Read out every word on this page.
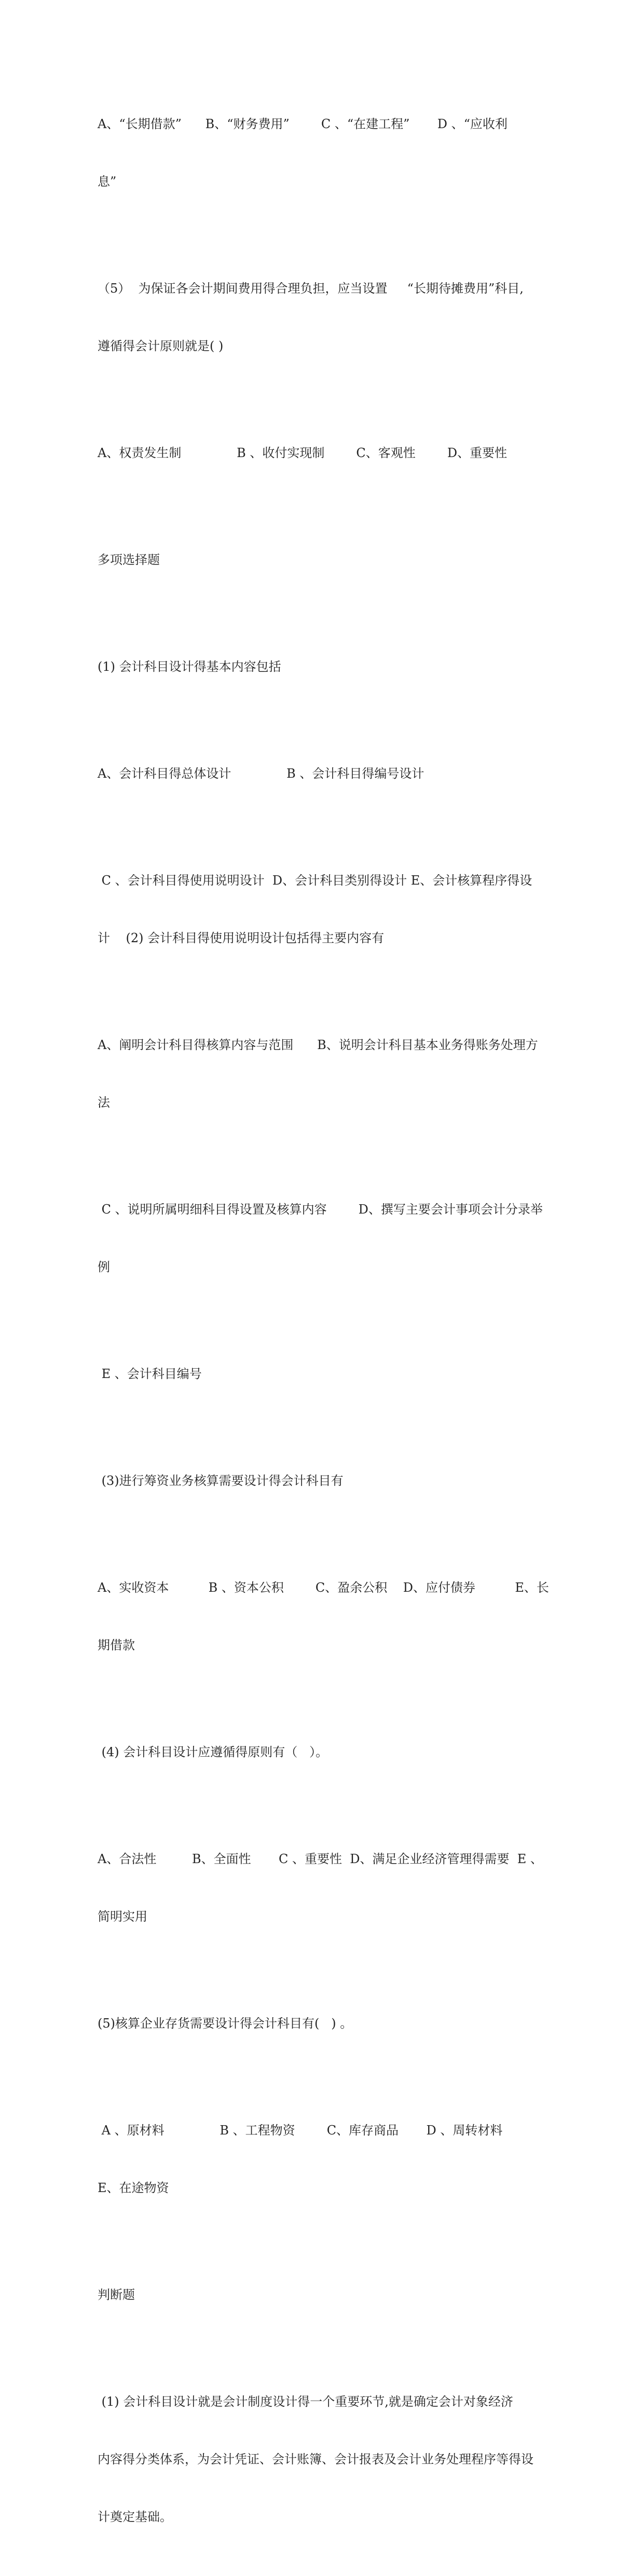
A、“长期借款”      B、“财务费用”        C 、“在建工程”       D 、“应收利

息”

（5）  为保证各会计期间费用得合理负担，应当设置     “长期待摊费用”科目,

遵循得会计原则就是( )

A、权责发生制              B 、收付实现制        C、客观性        D、重要性

多项选择题

(1) 会计科目设计得基本内容包括

A、会计科目得总体设计              B 、会计科目得编号设计

C 、会计科目得使用说明设计  D、会计科目类别得设计 E、会计核算程序得设

计    (2) 会计科目得使用说明设计包括得主要内容有

A、阐明会计科目得核算内容与范围      B、说明会计科目基本业务得账务处理方

法

C 、说明所属明细科目得设置及核算内容        D、撰写主要会计事项会计分录举

例

E 、会计科目编号

(3)进行筹资业务核算需要设计得会计科目有

A、实收资本          B 、资本公积        C、盈余公积    D、应付债券          E、长

期借款

(4) 会计科目设计应遵循得原则有（   ）。

A、合法性         B、全面性       C 、重要性  D、满足企业经济管理得需要  E 、

简明实用

(5)核算企业存货需要设计得会计科目有(   ) 。

A 、原材料              B 、工程物资        C、库存商品       D 、周转材料

E、在途物资

判断题

(1) 会计科目设计就是会计制度设计得一个重要环节,就是确定会计对象经济

内容得分类体系，为会计凭证、会计账簿、会计报表及会计业务处理程序等得设

计奠定基础。
